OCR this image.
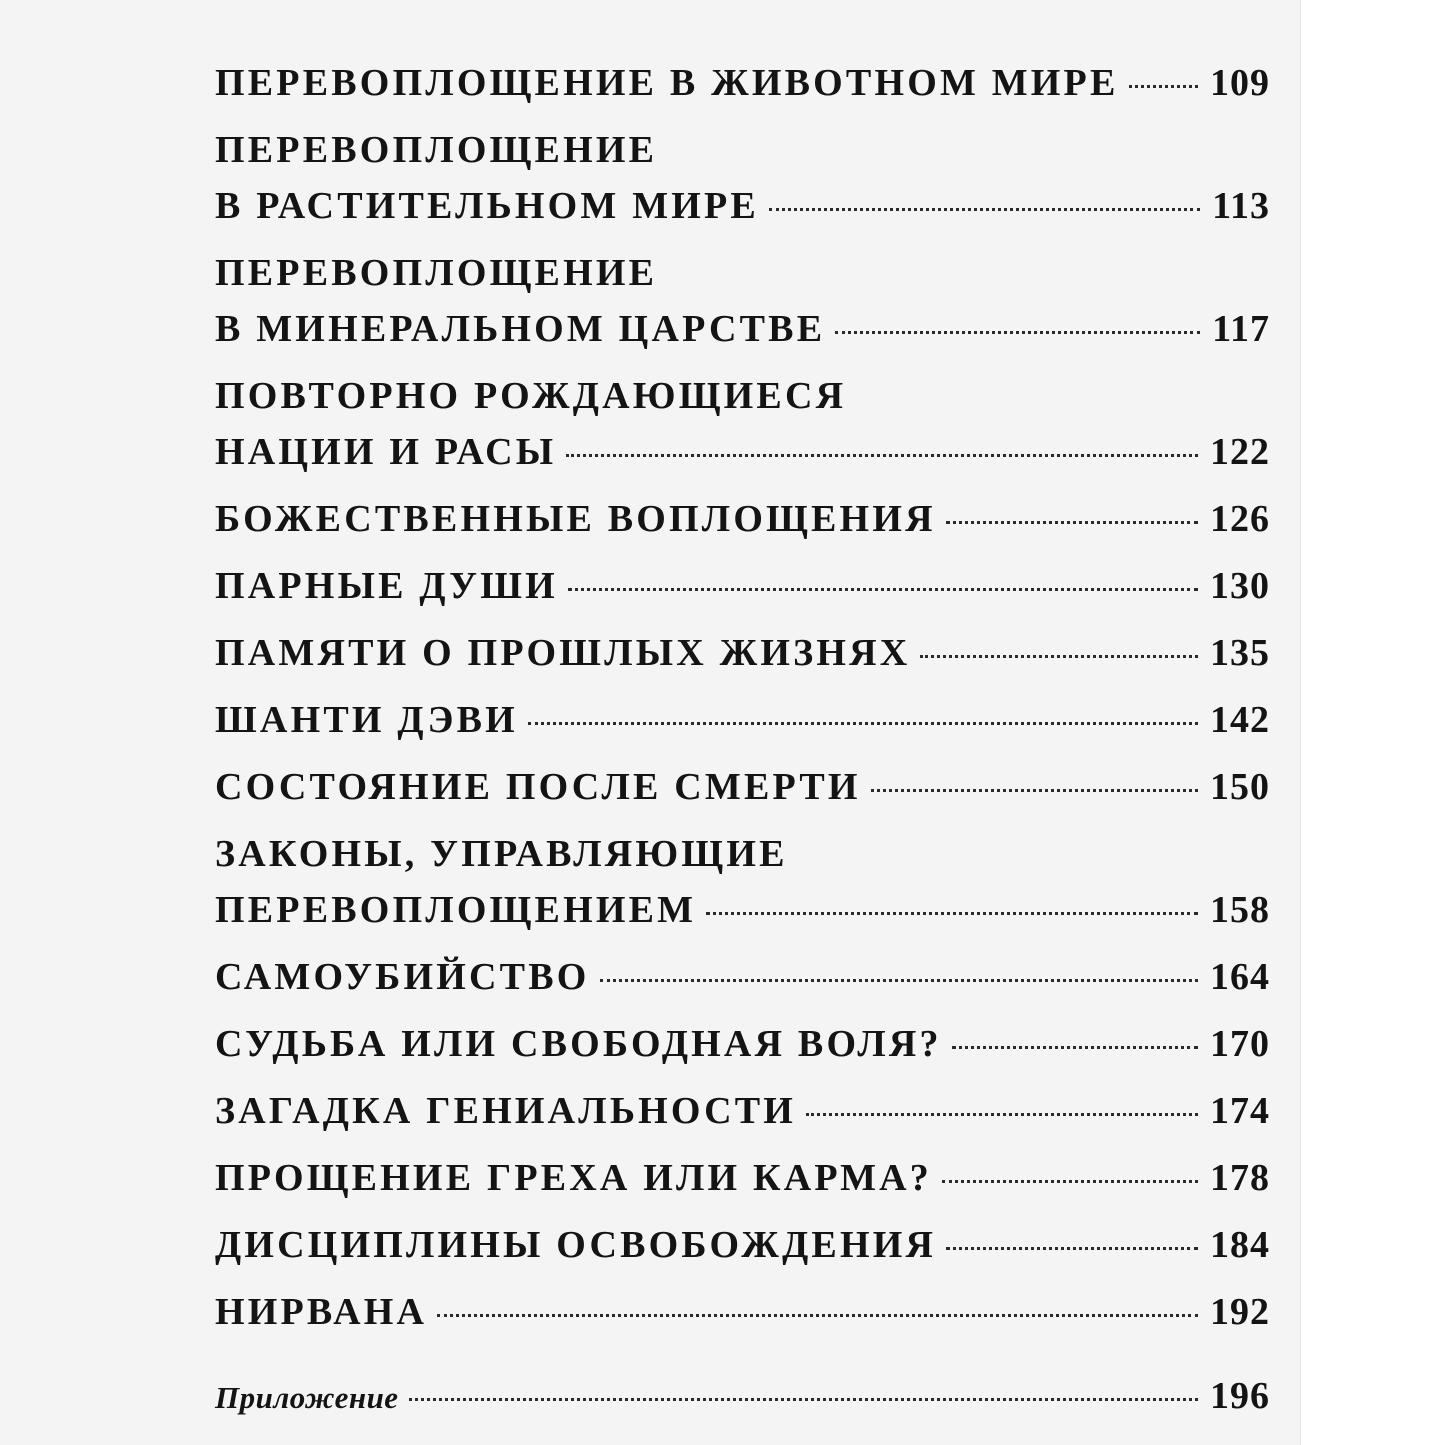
ПЕРЕВОПЛОЩЕНИЕ В ЖИВОТНОМ МИРЕ	109
ПЕРЕВОПЛОЩЕНИЕ
В РАСТИТЕЛЬНОМ МИРЕ	113
ПЕРЕВОПЛОЩЕНИЕ
В МИНЕРАЛЬНОМ ЦАРСТВЕ	117
ПОВТОРНО РОЖДАЮЩИЕСЯ
НАЦИИ И РАСЫ	122
БОЖЕСТВЕННЫЕ ВОПЛОЩЕНИЯ	126
ПАРНЫЕ ДУШИ	130
ПАМЯТИ О ПРОШЛЫХ ЖИЗНЯХ	135
ШАНТИ ДЭВИ	142
СОСТОЯНИЕ ПОСЛЕ СМЕРТИ	150
ЗАКОНЫ, УПРАВЛЯЮЩИЕ
ПЕРЕВОПЛОЩЕНИЕМ	158
САМОУБИЙСТВО	164
СУДЬБА ИЛИ СВОБОДНАЯ ВОЛЯ?	170
ЗАГАДКА ГЕНИАЛЬНОСТИ	174
ПРОЩЕНИЕ ГРЕХА ИЛИ КАРМА?	178
ДИСЦИПЛИНЫ ОСВОБОЖДЕНИЯ	184
НИРВАНА	192
Приложение	196
